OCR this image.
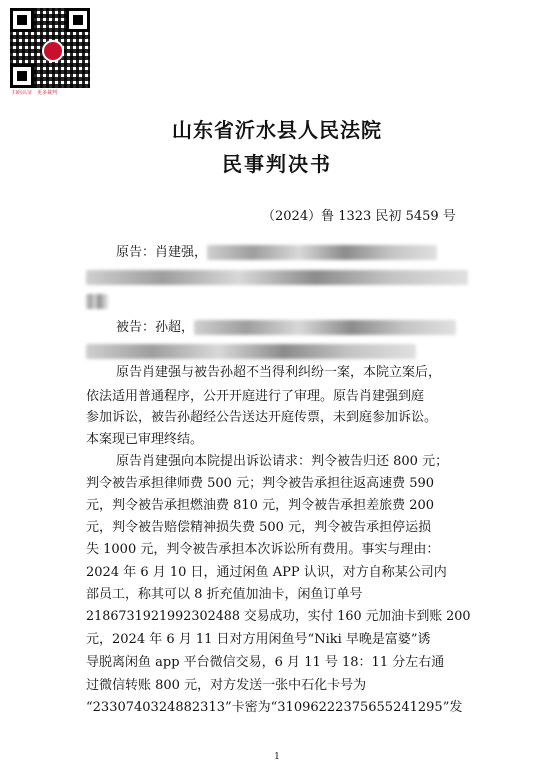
扫码认证　更多裁判
山东省沂水县人民法院
民事判决书
（2024）鲁 1323 民初 5459 号
原告：肖建强，
被告：孙超，
原告肖建强与被告孙超不当得利纠纷一案，本院立案后，
依法适用普通程序，公开开庭进行了审理。原告肖建强到庭
参加诉讼，被告孙超经公告送达开庭传票，未到庭参加诉讼。
本案现已审理终结。
原告肖建强向本院提出诉讼请求：判令被告归还 800 元；
判令被告承担律师费 500 元；判令被告承担往返高速费 590
元，判令被告承担燃油费 810 元，判令被告承担差旅费 200
元，判令被告赔偿精神损失费 500 元，判令被告承担停运损
失 1000 元，判令被告承担本次诉讼所有费用。事实与理由：
2024 年 6 月 10 日，通过闲鱼 APP 认识，对方自称某公司内
部员工，称其可以 8 折充值加油卡，闲鱼订单号
2186731921992302488 交易成功，实付 160 元加油卡到账 200
元，2024 年 6 月 11 日对方用闲鱼号“Niki 早晚是富婆”诱
导脱离闲鱼 app 平台微信交易，6 月 11 号 18：11 分左右通
过微信转账 800 元，对方发送一张中石化卡号为
“2330740324882313”卡密为“31096222375655241295”发
1
